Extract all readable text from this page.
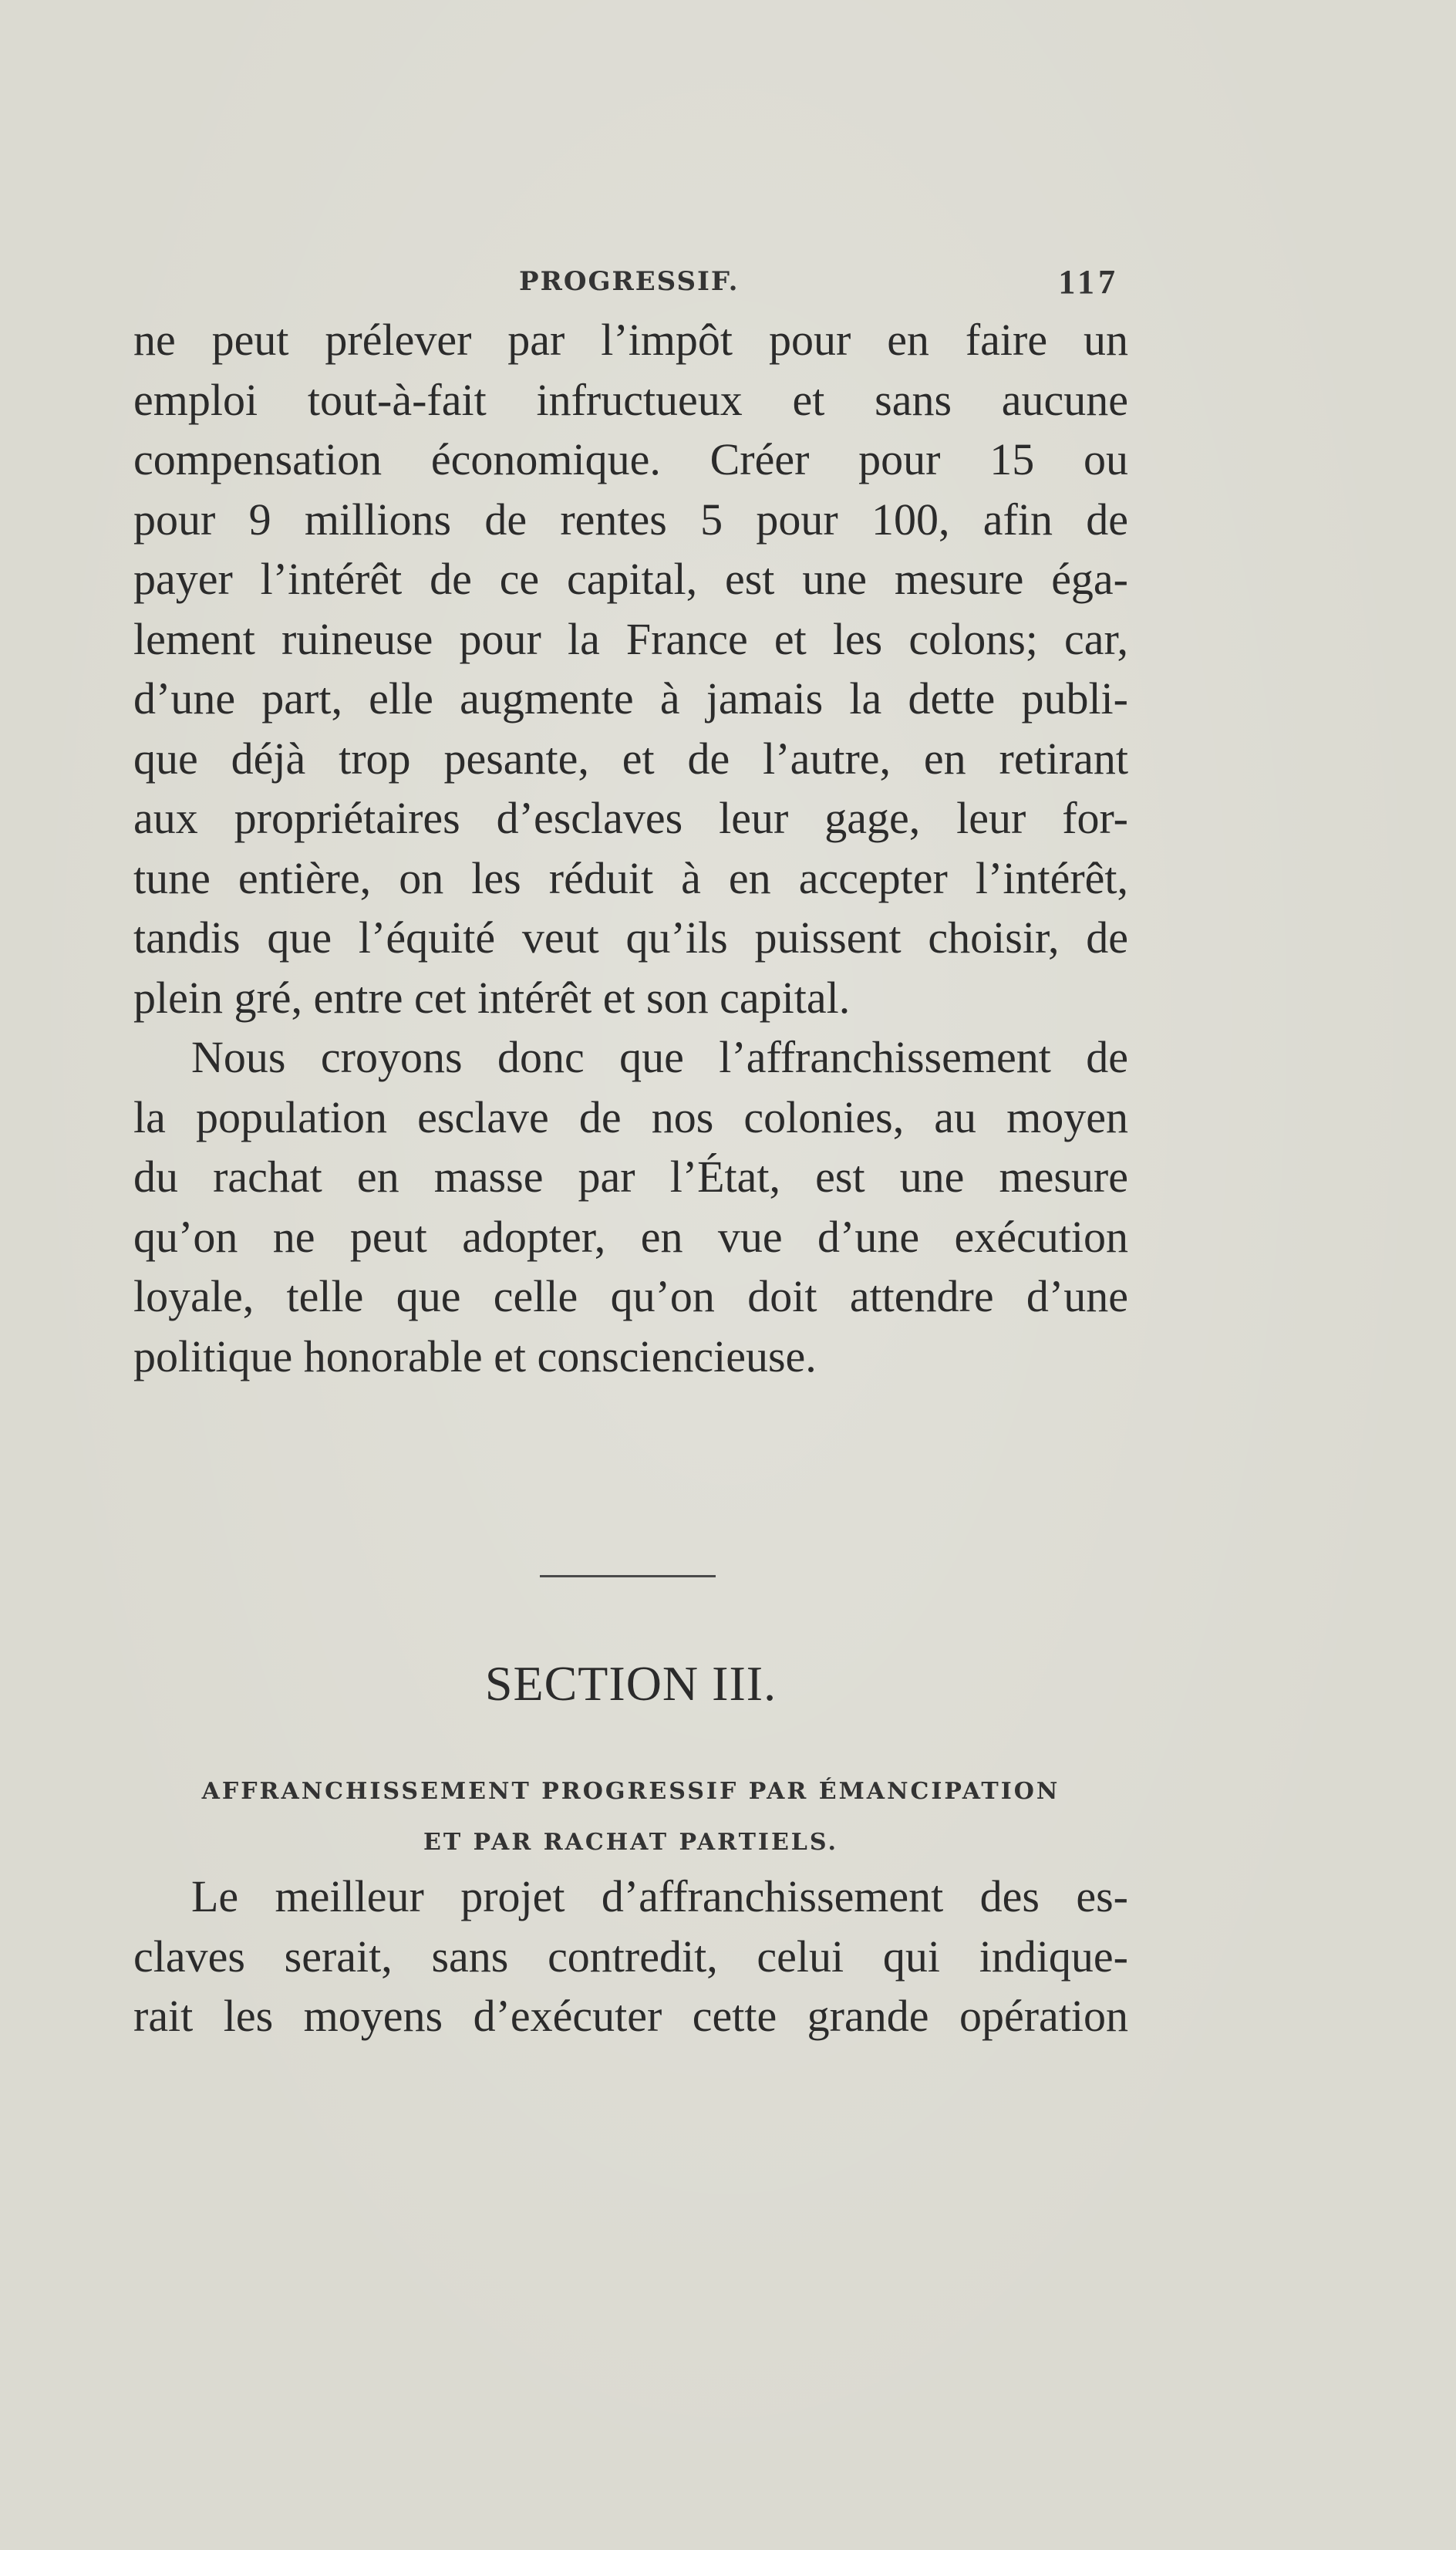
PROGRESSIF.	117
ne peut prélever par l’impôt pour en faire un
emploi tout-à-fait infructueux et sans aucune
compensation économique. Créer pour 15 ou
pour 9 millions de rentes 5 pour 100, afin de
payer l’intérêt de ce capital, est une mesure éga-
lement ruineuse pour la France et les colons; car,
d’une part, elle augmente à jamais la dette publi-
que déjà trop pesante, et de l’autre, en retirant
aux propriétaires d’esclaves leur gage, leur for-
tune entière, on les réduit à en accepter l’intérêt,
tandis que l’équité veut qu’ils puissent choisir, de
plein gré, entre cet intérêt et son capital.
Nous croyons donc que l’affranchissement de
la population esclave de nos colonies, au moyen
du rachat en masse par l’État, est une mesure
qu’on ne peut adopter, en vue d’une exécution
loyale, telle que celle qu’on doit attendre d’une
politique honorable et consciencieuse.
SECTION III.
AFFRANCHISSEMENT PROGRESSIF PAR ÉMANCIPATION
ET PAR RACHAT PARTIELS.
Le meilleur projet d’affranchissement des es-
claves serait, sans contredit, celui qui indique-
rait les moyens d’exécuter cette grande opération
